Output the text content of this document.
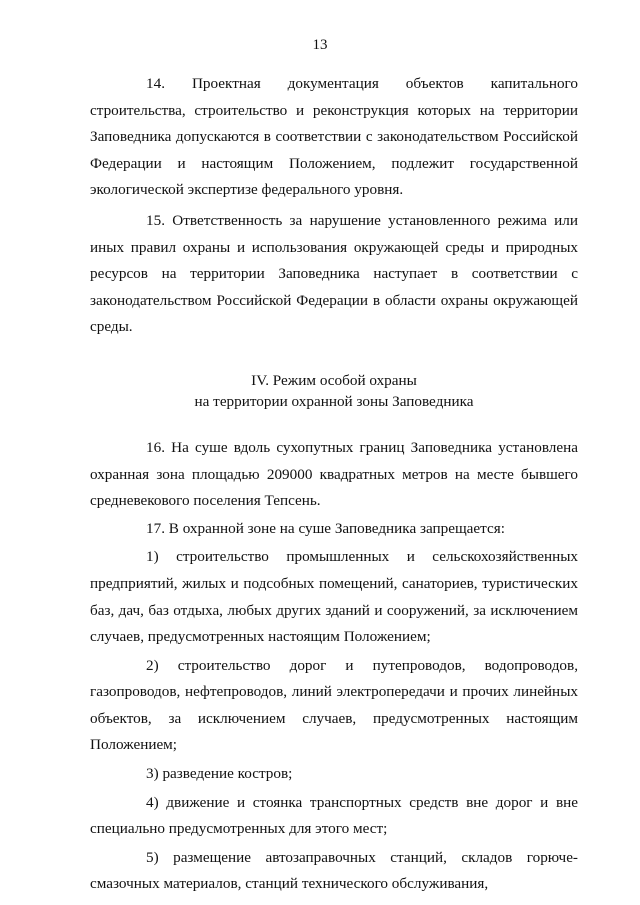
13

14. Проектная документация объектов капитального строительства, строительство и реконструкция которых на территории Заповедника допускаются в соответствии с законодательством Российской Федерации и настоящим Положением, подлежит государственной экологической экспертизе федерального уровня.

15. Ответственность за нарушение установленного режима или иных правил охраны и использования окружающей среды и природных ресурсов на территории Заповедника наступает в соответствии с законодательством Российской Федерации в области охраны окружающей среды.

IV. Режим особой охраны
на территории охранной зоны Заповедника

16. На суше вдоль сухопутных границ Заповедника установлена охранная зона площадью 209000 квадратных метров на месте бывшего средневекового поселения Тепсень.

17. В охранной зоне на суше Заповедника запрещается:

1) строительство промышленных и сельскохозяйственных предприятий, жилых и подсобных помещений, санаториев, туристических баз, дач, баз отдыха, любых других зданий и сооружений, за исключением случаев, предусмотренных настоящим Положением;

2) строительство дорог и путепроводов, водопроводов, газопроводов, нефтепроводов, линий электропередачи и прочих линейных объектов, за исключением случаев, предусмотренных настоящим Положением;

3) разведение костров;

4) движение и стоянка транспортных средств вне дорог и вне специально предусмотренных для этого мест;

5) размещение автозаправочных станций, складов горюче-смазочных материалов, станций технического обслуживания,
